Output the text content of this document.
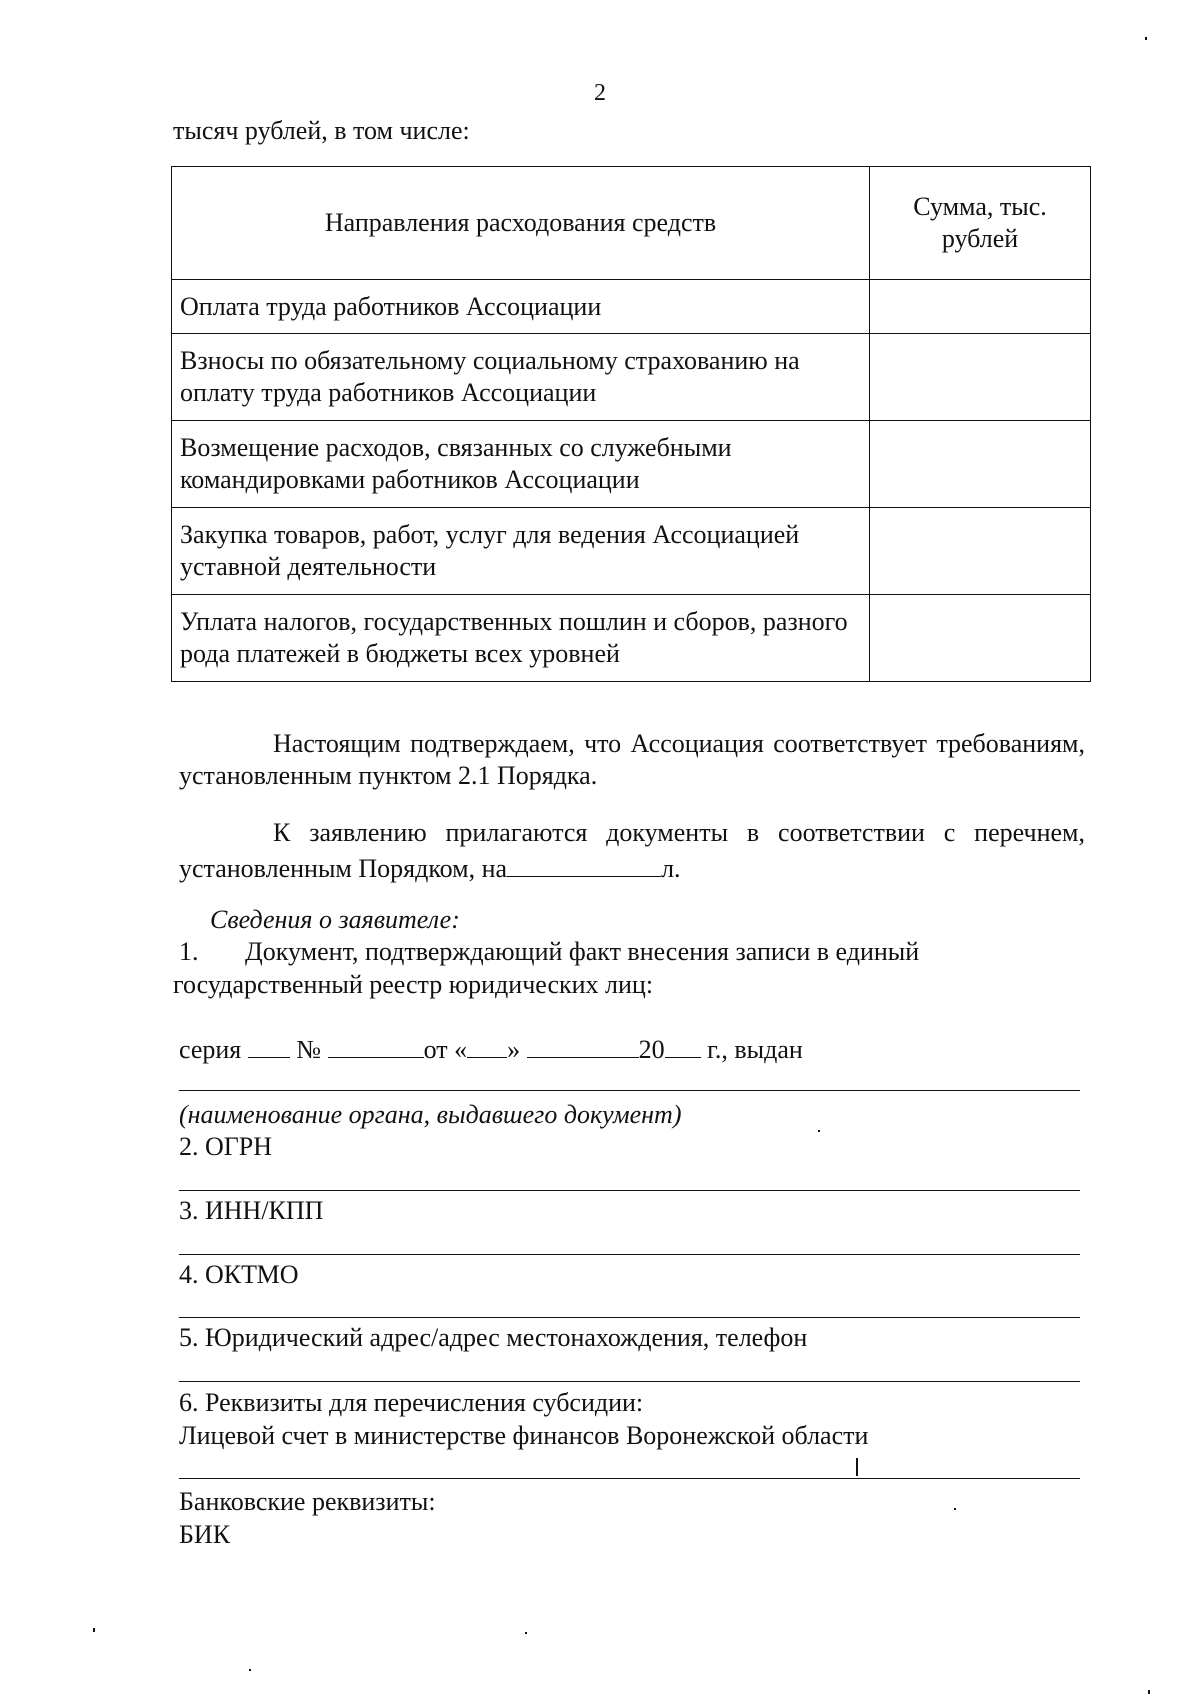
2
тысяч рублей, в том числе:
Направления расходования средств	Сумма, тыс. рублей
Оплата труда работников Ассоциации	
Взносы по обязательному социальному страхованию на оплату труда работников Ассоциации	
Возмещение расходов, связанных со служебными командировками работников Ассоциации	
Закупка товаров, работ, услуг для ведения Ассоциацией уставной деятельности	
Уплата налогов, государственных пошлин и сборов, разного рода платежей в бюджеты всех уровней	
Настоящим подтверждаем, что Ассоциация соответствует требованиям, установленным пунктом 2.1 Порядка.
К заявлению прилагаются документы в соответствии с перечнем,
установленным Порядком, на	л.
Сведения о заявителе:
1. Документ, подтверждающий факт внесения записи в единый
государственный реестр юридических лиц:
серия №	от « »	20 г., выдан
(наименование органа, выдавшего документ)
2. ОГРН
3. ИНН/КПП
4. ОКТМО
5. Юридический адрес/адрес местонахождения, телефон
6. Реквизиты для перечисления субсидии:
Лицевой счет в министерстве финансов Воронежской области
Банковские реквизиты:
БИК
